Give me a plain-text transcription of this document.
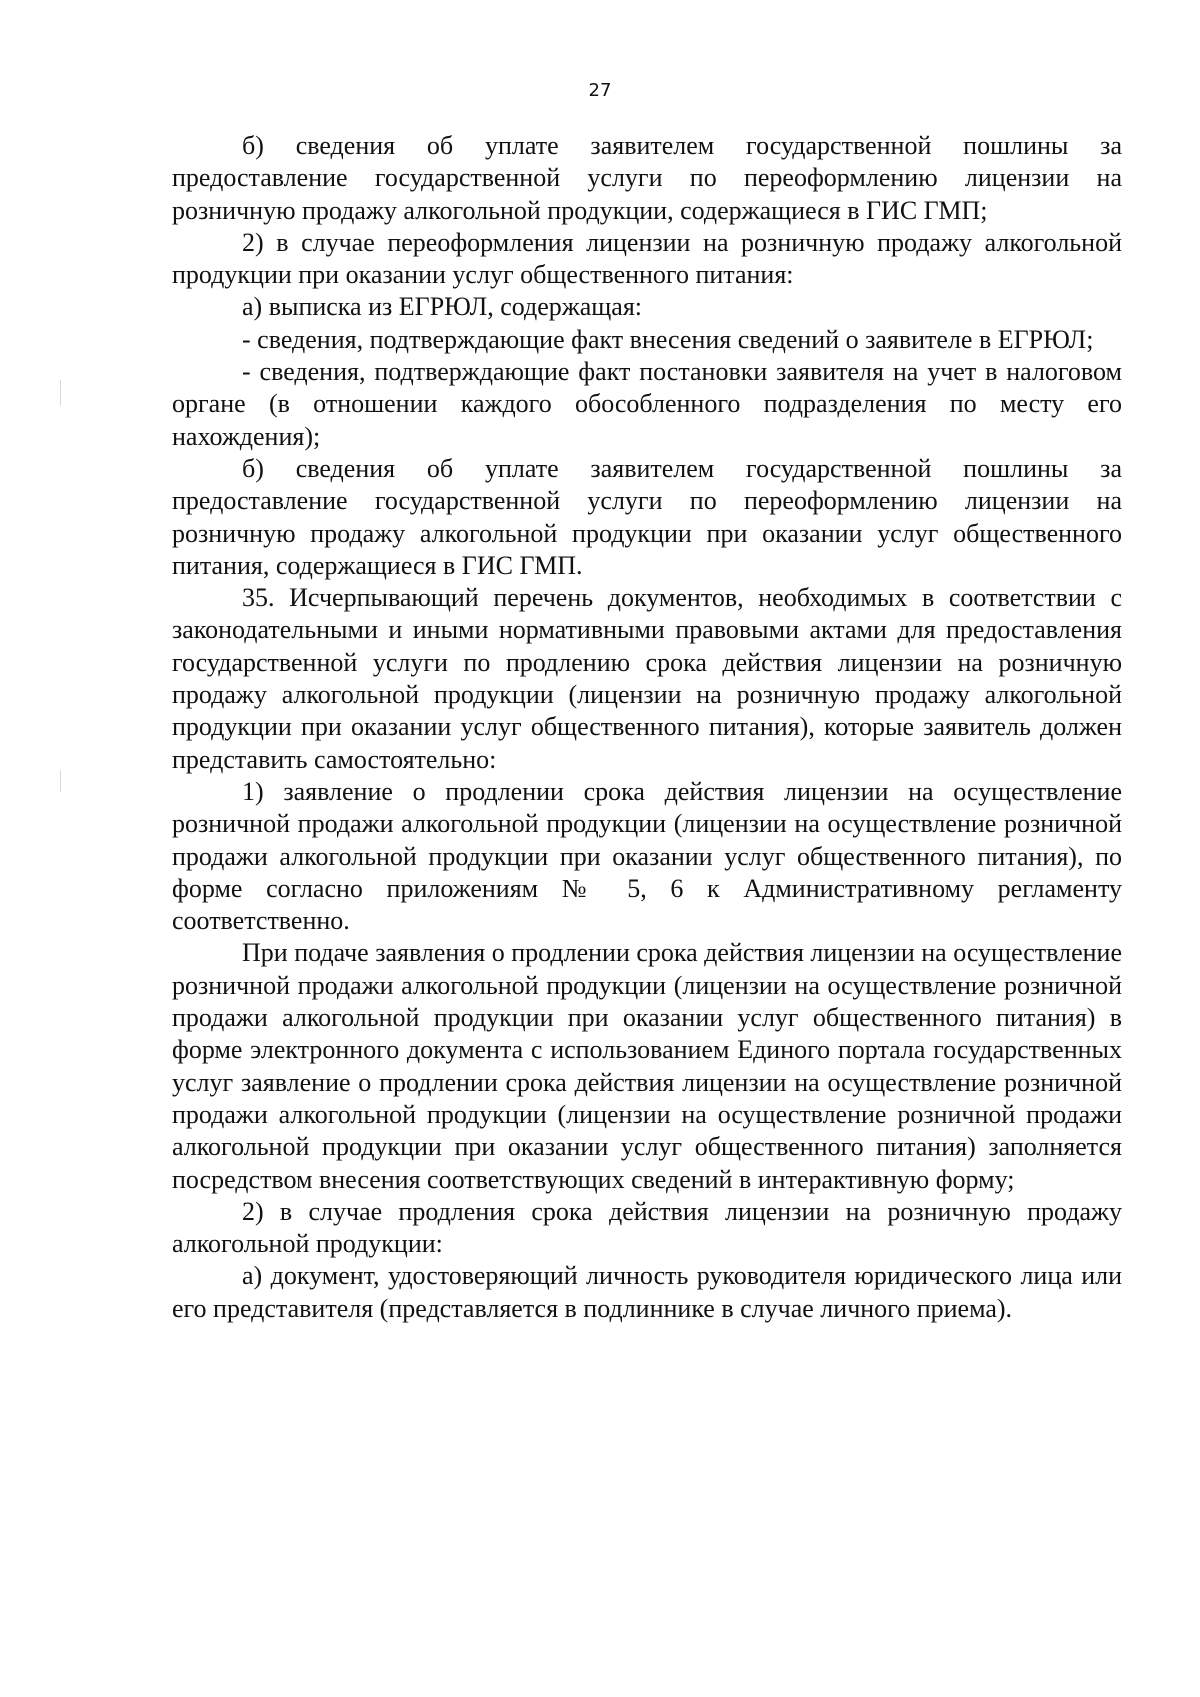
27

б) сведения об уплате заявителем государственной пошлины за предоставление государственной услуги по переоформлению лицензии на розничную продажу алкогольной продукции, содержащиеся в ГИС ГМП;

2) в случае переоформления лицензии на розничную продажу алкогольной продукции при оказании услуг общественного питания:

а) выписка из ЕГРЮЛ, содержащая:

- сведения, подтверждающие факт внесения сведений о заявителе в ЕГРЮЛ;

- сведения, подтверждающие факт постановки заявителя на учет в налоговом органе (в отношении каждого обособленного подразделения по месту его нахождения);

б) сведения об уплате заявителем государственной пошлины за предоставление государственной услуги по переоформлению лицензии на розничную продажу алкогольной продукции при оказании услуг общественного питания, содержащиеся в ГИС ГМП.

35. Исчерпывающий перечень документов, необходимых в соответствии с законодательными и иными нормативными правовыми актами для предоставления государственной услуги по продлению срока действия лицензии на розничную продажу алкогольной продукции (лицензии на розничную продажу алкогольной продукции при оказании услуг общественного питания), которые заявитель должен представить самостоятельно:

1) заявление о продлении срока действия лицензии на осуществление розничной продажи алкогольной продукции (лицензии на осуществление розничной продажи алкогольной продукции при оказании услуг общественного питания), по форме согласно приложениям № 5, 6 к Административному регламенту соответственно.

При подаче заявления о продлении срока действия лицензии на осуществление розничной продажи алкогольной продукции (лицензии на осуществление розничной продажи алкогольной продукции при оказании услуг общественного питания) в форме электронного документа с использованием Единого портала государственных услуг заявление о продлении срока действия лицензии на осуществление розничной продажи алкогольной продукции (лицензии на осуществление розничной продажи алкогольной продукции при оказании услуг общественного питания) заполняется посредством внесения соответствующих сведений в интерактивную форму;

2) в случае продления срока действия лицензии на розничную продажу алкогольной продукции:

а) документ, удостоверяющий личность руководителя юридического лица или его представителя (представляется в подлиннике в случае личного приема).
